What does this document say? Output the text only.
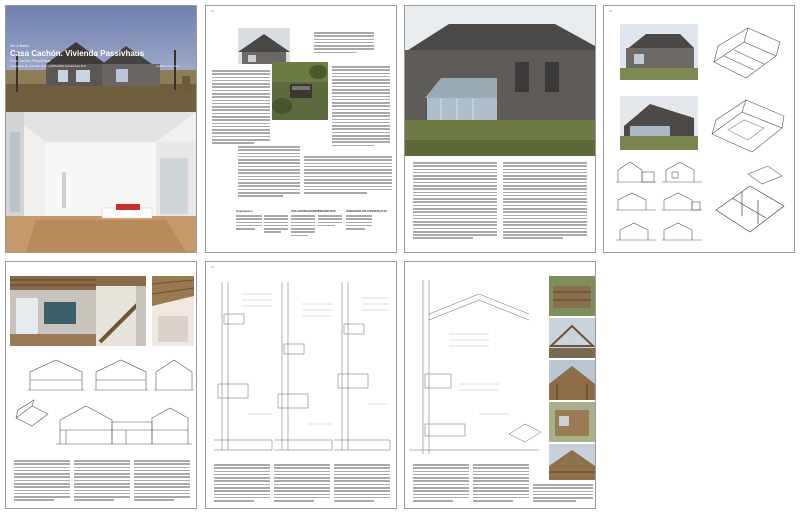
Tec. A Tecnia
Casa Cachón. Vivienda Passivhaus
Cruz Cachón Passivhaus
Fotografías de Luis Díaz Díaz y ARMANDO Arquitectura SLP	Ladislao cano-Hoz
12
Arquitectos	COLABORADORES
PROMOTOR	ASESORÍA DE PASSIVHAUS
14
16
